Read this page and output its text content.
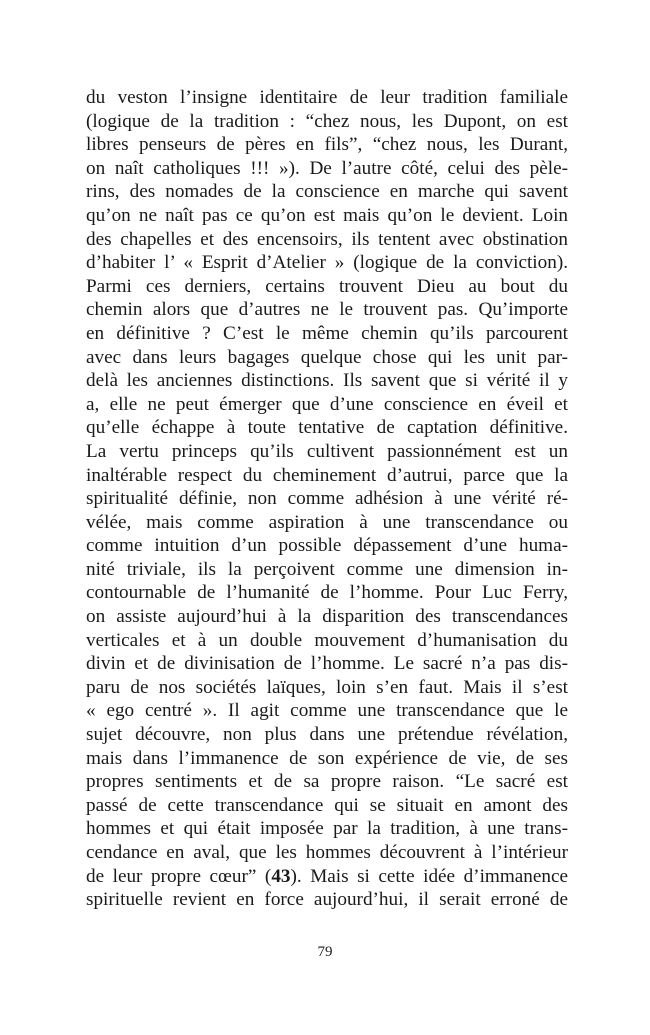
du veston l’insigne identitaire de leur tradition familiale
(logique de la tradition : “chez nous, les Dupont, on est
libres penseurs de pères en fils”, “chez nous, les Durant,
on naît catholiques !!! »). De l’autre côté, celui des pèle-
rins, des nomades de la conscience en marche qui savent
qu’on ne naît pas ce qu’on est mais qu’on le devient. Loin
des chapelles et des encensoirs, ils tentent avec obstination
d’habiter l’ « Esprit d’Atelier » (logique de la conviction).
Parmi ces derniers, certains trouvent Dieu au bout du
chemin alors que d’autres ne le trouvent pas. Qu’importe
en définitive ? C’est le même chemin qu’ils parcourent
avec dans leurs bagages quelque chose qui les unit par-
delà les anciennes distinctions. Ils savent que si vérité il y
a, elle ne peut émerger que d’une conscience en éveil et
qu’elle échappe à toute tentative de captation définitive.
La vertu princeps qu’ils cultivent passionnément est un
inaltérable respect du cheminement d’autrui, parce que la
spiritualité définie, non comme adhésion à une vérité ré-
vélée, mais comme aspiration à une transcendance ou
comme intuition d’un possible dépassement d’une huma-
nité triviale, ils la perçoivent comme une dimension in-
contournable de l’humanité de l’homme. Pour Luc Ferry,
on assiste aujourd’hui à la disparition des transcendances
verticales et à un double mouvement d’humanisation du
divin et de divinisation de l’homme. Le sacré n’a pas dis-
paru de nos sociétés laïques, loin s’en faut. Mais il s’est
« ego centré ». Il agit comme une transcendance que le
sujet découvre, non plus dans une prétendue révélation,
mais dans l’immanence de son expérience de vie, de ses
propres sentiments et de sa propre raison. “Le sacré est
passé de cette transcendance qui se situait en amont des
hommes et qui était imposée par la tradition, à une trans-
cendance en aval, que les hommes découvrent à l’intérieur
de leur propre cœur” (43). Mais si cette idée d’immanence
spirituelle revient en force aujourd’hui, il serait erroné de
79
